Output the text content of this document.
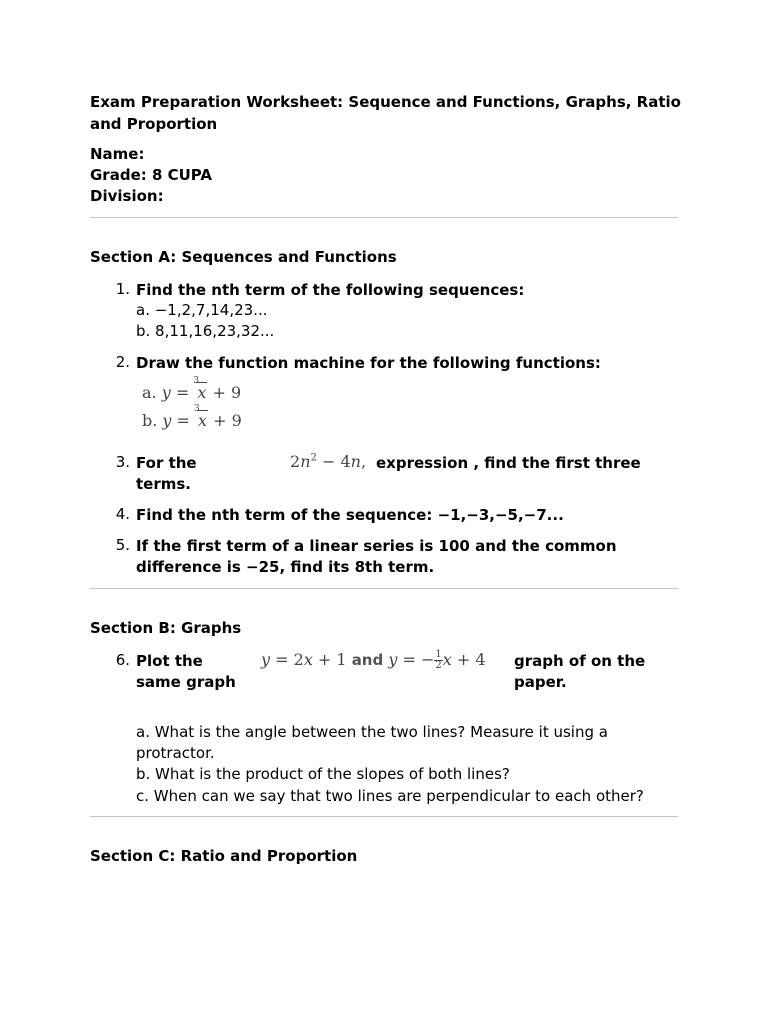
Exam Preparation Worksheet: Sequence and Functions, Graphs, Ratio and Proportion
Name:
Grade: 8 CUPA
Division:
Section A: Sequences and Functions
1. Find the nth term of the following sequences:
a. −1,2,7,14,23...
b. 8,11,16,23,32...
2. Draw the function machine for the following functions:
a. y =
3
x + 9
b. y =
3
x + 9
3. For the	$2n^2 - 4n$, expression , find the first three
terms.
4. Find the nth term of the sequence: −1,−3,−5,−7...
5. If the first term of a linear series is 100 and the common
difference is −25, find its 8th term.
Section B: Graphs
6. Plot the
same graph
y = 2x + 1 and y = − $\frac{1}{2}$ x + 4 graph of on the
paper.
a. What is the angle between the two lines? Measure it using a
protractor.
b. What is the product of the slopes of both lines?
c. When can we say that two lines are perpendicular to each other?
Section C: Ratio and Proportion
